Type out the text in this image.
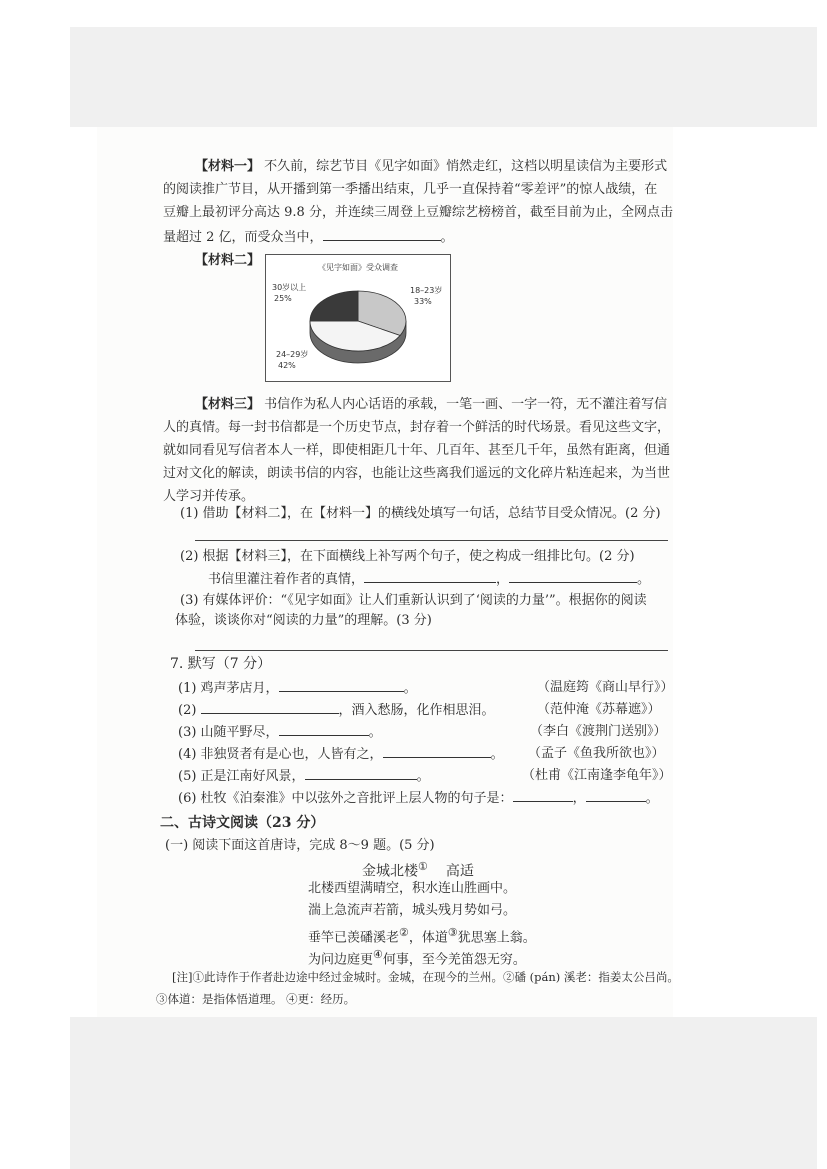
【材料一】 不久前，综艺节目《见字如面》悄然走红，这档以明星读信为主要形式
的阅读推广节目，从开播到第一季播出结束，几乎一直保持着“零差评”的惊人战绩，在
豆瓣上最初评分高达 9.8 分，并连续三周登上豆瓣综艺榜榜首，截至目前为止，全网点击
量超过 2 亿，而受众当中，	。
【材料二】	《见字如面》受众调查
18–23岁
33%
24–29岁
42%
30岁以上
25%
【材料三】 书信作为私人内心话语的承载，一笔一画、一字一符，无不灌注着写信
人的真情。每一封书信都是一个历史节点，封存着一个鲜活的时代场景。看见这些文字，
就如同看见写信者本人一样，即使相距几十年、几百年、甚至几千年，虽然有距离，但通
过对文化的解读，朗读书信的内容，也能让这些离我们遥远的文化碎片粘连起来，为当世
人学习并传承。
(1) 借助【材料二】，在【材料一】的横线处填写一句话，总结节目受众情况。(2 分)
(2) 根据【材料三】，在下面横线上补写两个句子，使之构成一组排比句。(2 分)
书信里灌注着作者的真情，	，	。
(3) 有媒体评价：“《见字如面》让人们重新认识到了‘阅读的力量’”。根据你的阅读
体验，谈谈你对“阅读的力量”的理解。(3 分)
7. 默写（7 分）
(1) 鸡声茅店月，	。	（温庭筠《商山早行》）
(2)	，酒入愁肠，化作相思泪。	（范仲淹《苏幕遮》）
(3) 山随平野尽，	。	（李白《渡荆门送别》）
(4) 非独贤者有是心也，人皆有之，	。 （孟子《鱼我所欲也》）
(5) 正是江南好风景，	。	（杜甫《江南逢李龟年》）
(6) 杜牧《泊秦淮》中以弦外之音批评上层人物的句子是：	，	。
二、古诗文阅读（23 分）
(一) 阅读下面这首唐诗，完成 8～9 题。(5 分)
金城北楼① 高适
北楼西望满晴空，积水连山胜画中。
湍上急流声若箭，城头残月势如弓。
垂竿已羡磻溪老②，体道③犹思塞上翁。
为问边庭更④何事，至今羌笛怨无穷。
[注]①此诗作于作者赴边途中经过金城时。金城，在现今的兰州。②磻 (pán) 溪老：指姜太公吕尚。
③体道：是指体悟道理。 ④更：经历。
